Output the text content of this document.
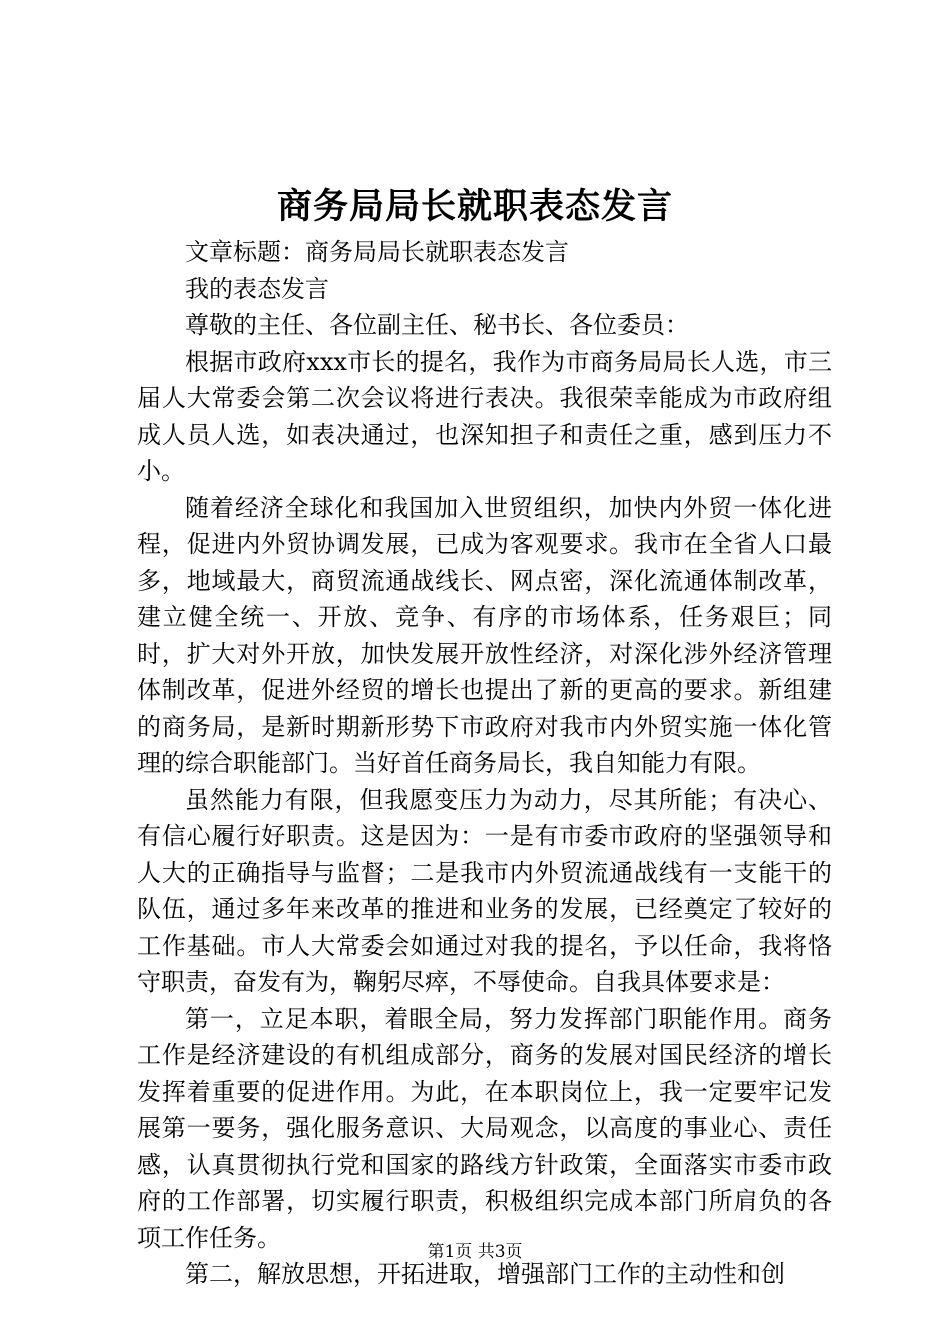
商务局局长就职表态发言

文章标题：商务局局长就职表态发言

我的表态发言

尊敬的主任、各位副主任、秘书长、各位委员：

根据市政府xxx市长的提名，我作为市商务局局长人选，市三届人大常委会第二次会议将进行表决。我很荣幸能成为市政府组成人员人选，如表决通过，也深知担子和责任之重，感到压力不小。

随着经济全球化和我国加入世贸组织，加快内外贸一体化进程，促进内外贸协调发展，已成为客观要求。我市在全省人口最多，地域最大，商贸流通战线长、网点密，深化流通体制改革，建立健全统一、开放、竞争、有序的市场体系，任务艰巨；同时，扩大对外开放，加快发展开放性经济，对深化涉外经济管理体制改革，促进外经贸的增长也提出了新的更高的要求。新组建的商务局，是新时期新形势下市政府对我市内外贸实施一体化管理的综合职能部门。当好首任商务局长，我自知能力有限。

虽然能力有限，但我愿变压力为动力，尽其所能；有决心、有信心履行好职责。这是因为：一是有市委市政府的坚强领导和人大的正确指导与监督；二是我市内外贸流通战线有一支能干的队伍，通过多年来改革的推进和业务的发展，已经奠定了较好的工作基础。市人大常委会如通过对我的提名，予以任命，我将恪守职责，奋发有为，鞠躬尽瘁，不辱使命。自我具体要求是：

第一，立足本职，着眼全局，努力发挥部门职能作用。商务工作是经济建设的有机组成部分，商务的发展对国民经济的增长发挥着重要的促进作用。为此，在本职岗位上，我一定要牢记发展第一要务，强化服务意识、大局观念，以高度的事业心、责任感，认真贯彻执行党和国家的路线方针政策，全面落实市委市政府的工作部署，切实履行职责，积极组织完成本部门所肩负的各项工作任务。

第二，解放思想，开拓进取，增强部门工作的主动性和创

第1页 共3页
